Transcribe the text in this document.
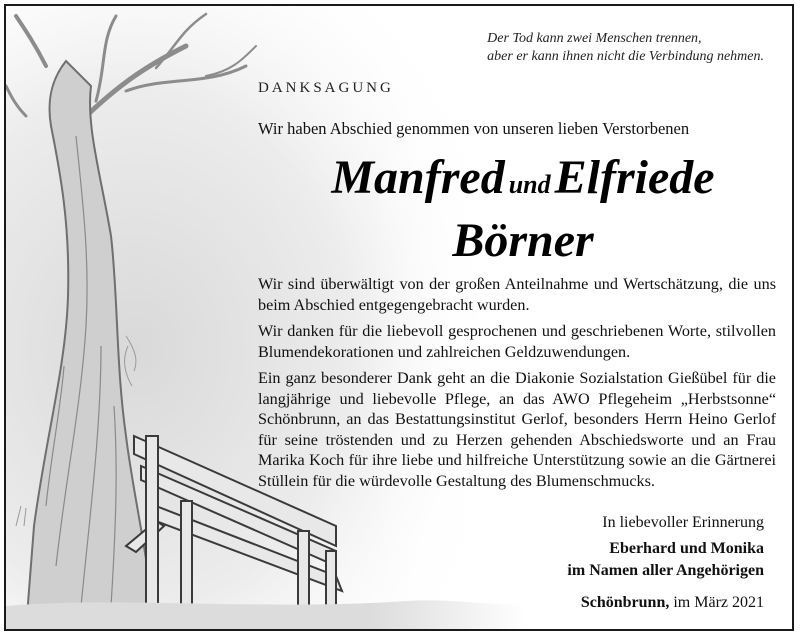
Der Tod kann zwei Menschen trennen,
aber er kann ihnen nicht die Verbindung nehmen.
DANKSAGUNG
Wir haben Abschied genommen von unseren lieben Verstorbenen
Manfred und Elfriede
Börner

Wir sind überwältigt von der großen Anteilnahme und Wertschätzung, die uns beim Abschied entgegengebracht wurden.

Wir danken für die liebevoll gesprochenen und geschriebenen Worte, stilvollen Blumendekorationen und zahlreichen Geldzuwendungen.

Ein ganz besonderer Dank geht an die Diakonie Sozialstation Gießübel für die langjährige und liebevolle Pflege, an das AWO Pflegeheim „Herbstsonne“ Schönbrunn, an das Bestattungsinstitut Gerlof, besonders Herrn Heino Gerlof für seine tröstenden und zu Herzen gehenden Abschiedsworte und an Frau Marika Koch für ihre liebe und hilfreiche Unterstützung sowie an die Gärtnerei Stüllein für die würdevolle Gestaltung des Blumenschmucks.

In liebevoller Erinnerung
Eberhard und Monika
im Namen aller Angehörigen
Schönbrunn, im März 2021
